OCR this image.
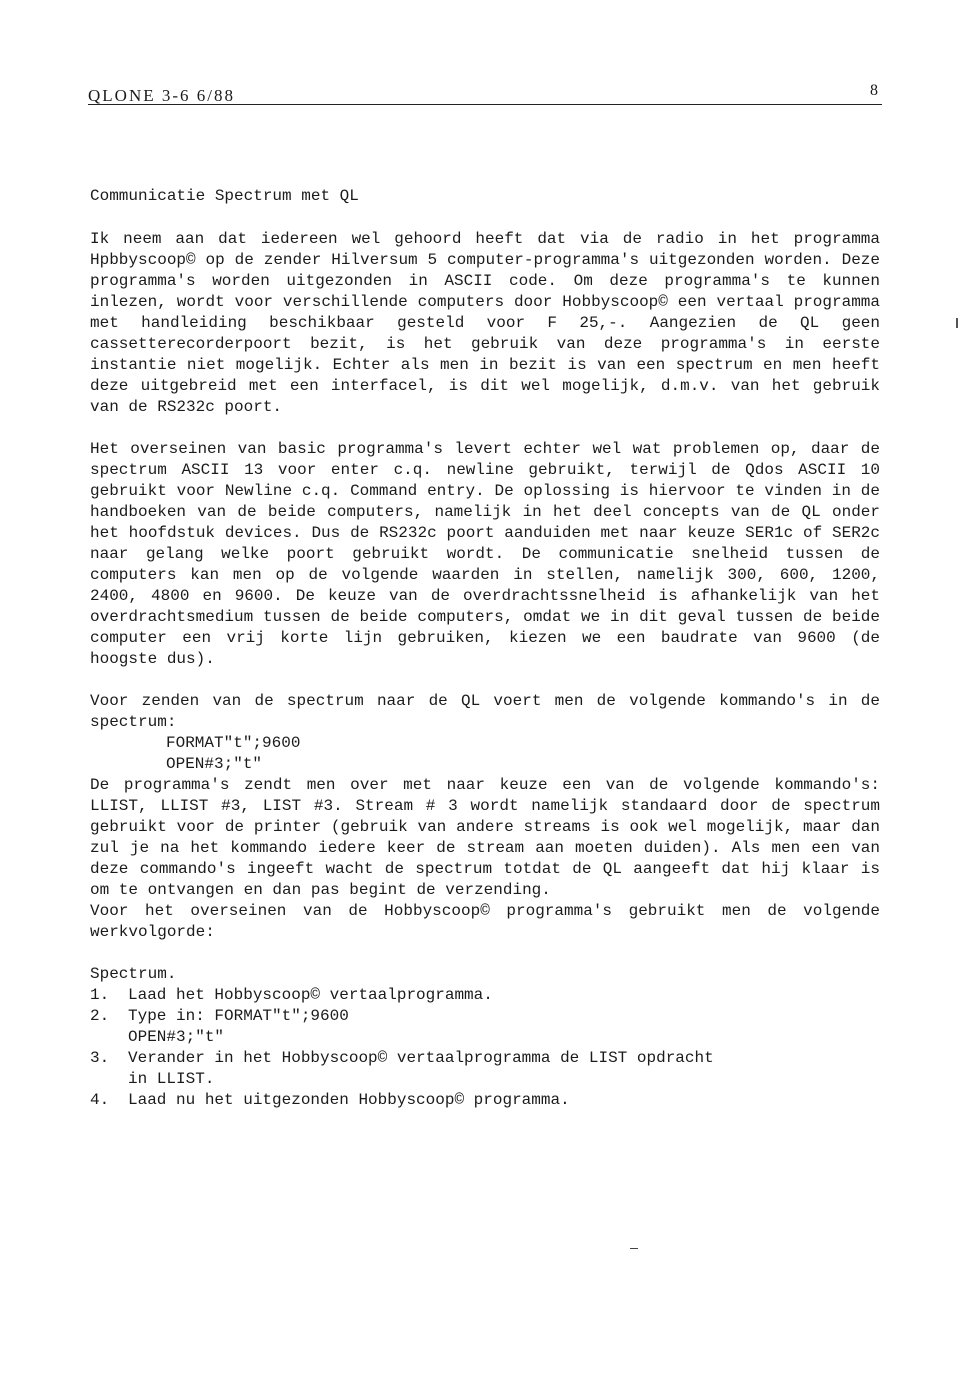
QLONE 3-6 6/88	8

Communicatie Spectrum met QL

Ik neem aan dat iedereen wel gehoord heeft dat via de radio in het programma Hpbbyscoop© op de zender Hilversum 5 computer-programma's uitgezonden worden. Deze programma's worden uitgezonden in ASCII code. Om deze programma's te kunnen inlezen, wordt voor verschillende computers door Hobbyscoop© een vertaal programma met handleiding beschikbaar gesteld voor F 25,-. Aangezien de QL geen cassetterecorderpoort bezit, is het gebruik van deze programma's in eerste instantie niet mogelijk. Echter als men in bezit is van een spectrum en men heeft deze uitgebreid met een interfacel, is dit wel mogelijk, d.m.v. van het gebruik van de RS232c poort.

Het overseinen van basic programma's levert echter wel wat problemen op, daar de spectrum ASCII 13 voor enter c.q. newline gebruikt, terwijl de Qdos ASCII 10 gebruikt voor Newline c.q. Command entry. De oplossing is hiervoor te vinden in de handboeken van de beide computers, namelijk in het deel concepts van de QL onder het hoofdstuk devices. Dus de RS232c poort aanduiden met naar keuze SER1c of SER2c naar gelang welke poort gebruikt wordt. De communicatie snelheid tussen de computers kan men op de volgende waarden in stellen, namelijk 300, 600, 1200, 2400, 4800 en 9600. De keuze van de overdrachtssnelheid is afhankelijk van het overdrachtsmedium tussen de beide computers, omdat we in dit geval tussen de beide computer een vrij korte lijn gebruiken, kiezen we een baudrate van 9600 (de hoogste dus).

Voor zenden van de spectrum naar de QL voert men de volgende kommando's in de spectrum:

FORMAT"t";9600

OPEN#3;"t"

De programma's zendt men over met naar keuze een van de volgende kommando's: LLIST, LLIST #3, LIST #3. Stream # 3 wordt namelijk standaard door de spectrum gebruikt voor de printer (gebruik van andere streams is ook wel mogelijk, maar dan zul je na het kommando iedere keer de stream aan moeten duiden). Als men een van deze commando's ingeeft wacht de spectrum totdat de QL aangeeft dat hij klaar is om te ontvangen en dan pas begint de verzending.

Voor het overseinen van de Hobbyscoop© programma's gebruikt men de volgende werkvolgorde:

Spectrum.

1.	Laad het Hobbyscoop© vertaalprogramma.
2.	Type in: FORMAT"t";9600
OPEN#3;"t"
3.	Verander in het Hobbyscoop© vertaalprogramma de LIST opdracht
in LLIST.
4.	Laad nu het uitgezonden Hobbyscoop© programma.
